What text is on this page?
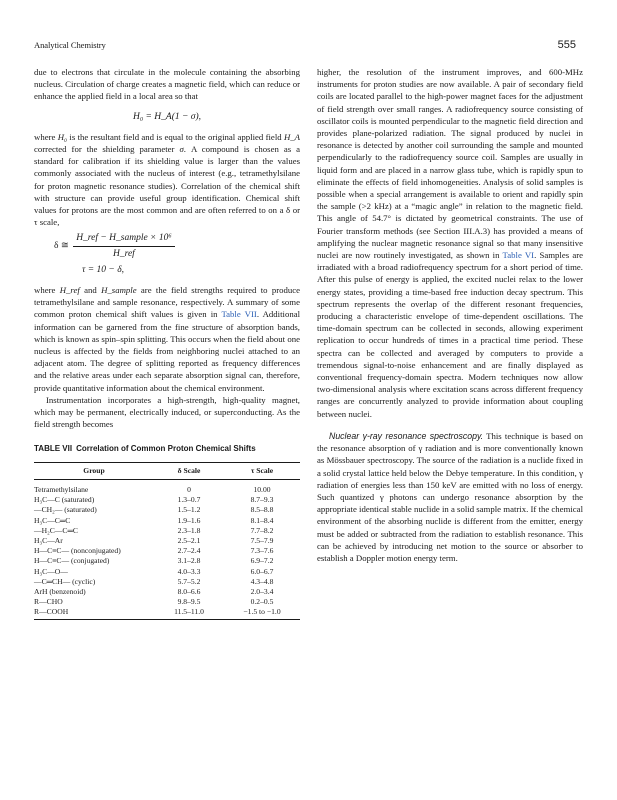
Analytical Chemistry	555

due to electrons that circulate in the molecule containing the absorbing nucleus. Circulation of charge creates a magnetic field, which can reduce or enhance the applied field in a local area so that

H₀ = H_A(1 − σ),

where H₀ is the resultant field and is equal to the original applied field H_A corrected for the shielding parameter σ. A compound is chosen as a standard for calibration if its shielding value is larger than the values commonly associated with the nucleus of interest (e.g., tetramethylsilane for proton magnetic resonance studies). Correlation of the chemical shift with structure can provide useful group identification. Chemical shift values for protons are the most common and are often referred to on a δ or τ scale,

δ ≅ $\frac{\text{H\_ref − H\_sample × 10⁶}}{\text{H\_ref}}$
τ = 10 − δ,

where H_ref and H_sample are the field strengths required to produce tetramethylsilane and sample resonance, respectively. A summary of some common proton chemical shift values is given in Table VII. Additional information can be garnered from the fine structure of absorption bands, which is known as spin–spin splitting. This occurs when the field about one nucleus is affected by the fields from neighboring nuclei attached to an adjacent atom. The degree of splitting reported as frequency differences and the relative areas under each separate absorption signal can, therefore, provide quantitative information about the chemical environment.

Instrumentation incorporates a high-strength, high-quality magnet, which may be permanent, electrically induced, or superconducting. As the field strength becomes

TABLE VII Correlation of Common Proton Chemical Shifts
Group	δ Scale	τ Scale
Tetramethylsilane	0	10.00
H₃C—C (saturated)	1.3–0.7	8.7–9.3
—CH₂— (saturated)	1.5–1.2	8.5–8.8
H₃C—C═C	1.9–1.6	8.1–8.4
—H₂C—C═C	2.3–1.8	7.7–8.2
H₃C—Ar	2.5–2.1	7.5–7.9
H—C≡C— (nonconjugated)	2.7–2.4	7.3–7.6
H—C≡C— (conjugated)	3.1–2.8	6.9–7.2
H₃C—O—	4.0–3.3	6.0–6.7
—C═CH— (cyclic)	5.7–5.2	4.3–4.8
ArH (benzenoid)	8.0–6.6	2.0–3.4
R—CHO	9.8–9.5	0.2–0.5
R—COOH	11.5–11.0	−1.5 to −1.0

higher, the resolution of the instrument improves, and 600-MHz instruments for proton studies are now available. A pair of secondary field coils are located parallel to the high-power magnet faces for the adjustment of field strength over small ranges. A radiofrequency source consisting of oscillator coils is mounted perpendicular to the magnetic field direction and provides plane-polarized radiation. The signal produced by nuclei in resonance is detected by another coil surrounding the sample and mounted perpendicularly to the radiofrequency source coil. Samples are usually in liquid form and are placed in a narrow glass tube, which is rapidly spun to eliminate the effects of field inhomogeneities. Analysis of solid samples is possible when a special arrangement is available to orient and rapidly spin the sample (>2 kHz) at a “magic angle” in relation to the magnetic field. This angle of 54.7° is dictated by geometrical constraints. The use of Fourier transform methods (see Section III.A.3) has provided a means of amplifying the nuclear magnetic resonance signal so that many insensitive nuclei are now routinely investigated, as shown in Table VI. Samples are irradiated with a broad radiofrequency spectrum for a short period of time. After this pulse of energy is applied, the excited nuclei relax to the lower energy states, providing a time-based free induction decay spectrum. This spectrum represents the overlap of the different resonant frequencies, producing a characteristic envelope of time-dependent oscillations. The time-domain spectrum can be collected in seconds, allowing experiment replication to occur hundreds of times in a practical time period. These spectra can be collected and averaged by computers to provide a tremendous signal-to-noise enhancement and are finally displayed as conventional frequency-domain spectra. Modern techniques now allow two-dimensional analysis where excitation scans across different frequency ranges are concurrently analyzed to provide information about coupling between nuclei.

Nuclear γ-ray resonance spectroscopy. This technique is based on the resonance absorption of γ radiation and is more conventionally known as Mössbauer spectroscopy. The source of the radiation is a nuclide fixed in a solid crystal lattice held below the Debye temperature. In this condition, γ radiation of energies less than 150 keV are emitted with no loss of energy. Such quantized γ photons can undergo resonance absorption by the appropriate identical stable nuclide in a solid sample matrix. If the chemical environment of the absorbing nuclide is different from the emitter, energy must be added or subtracted from the radiation to establish resonance. This can be achieved by introducing net motion to the source or absorber to establish a Doppler motion energy term.
